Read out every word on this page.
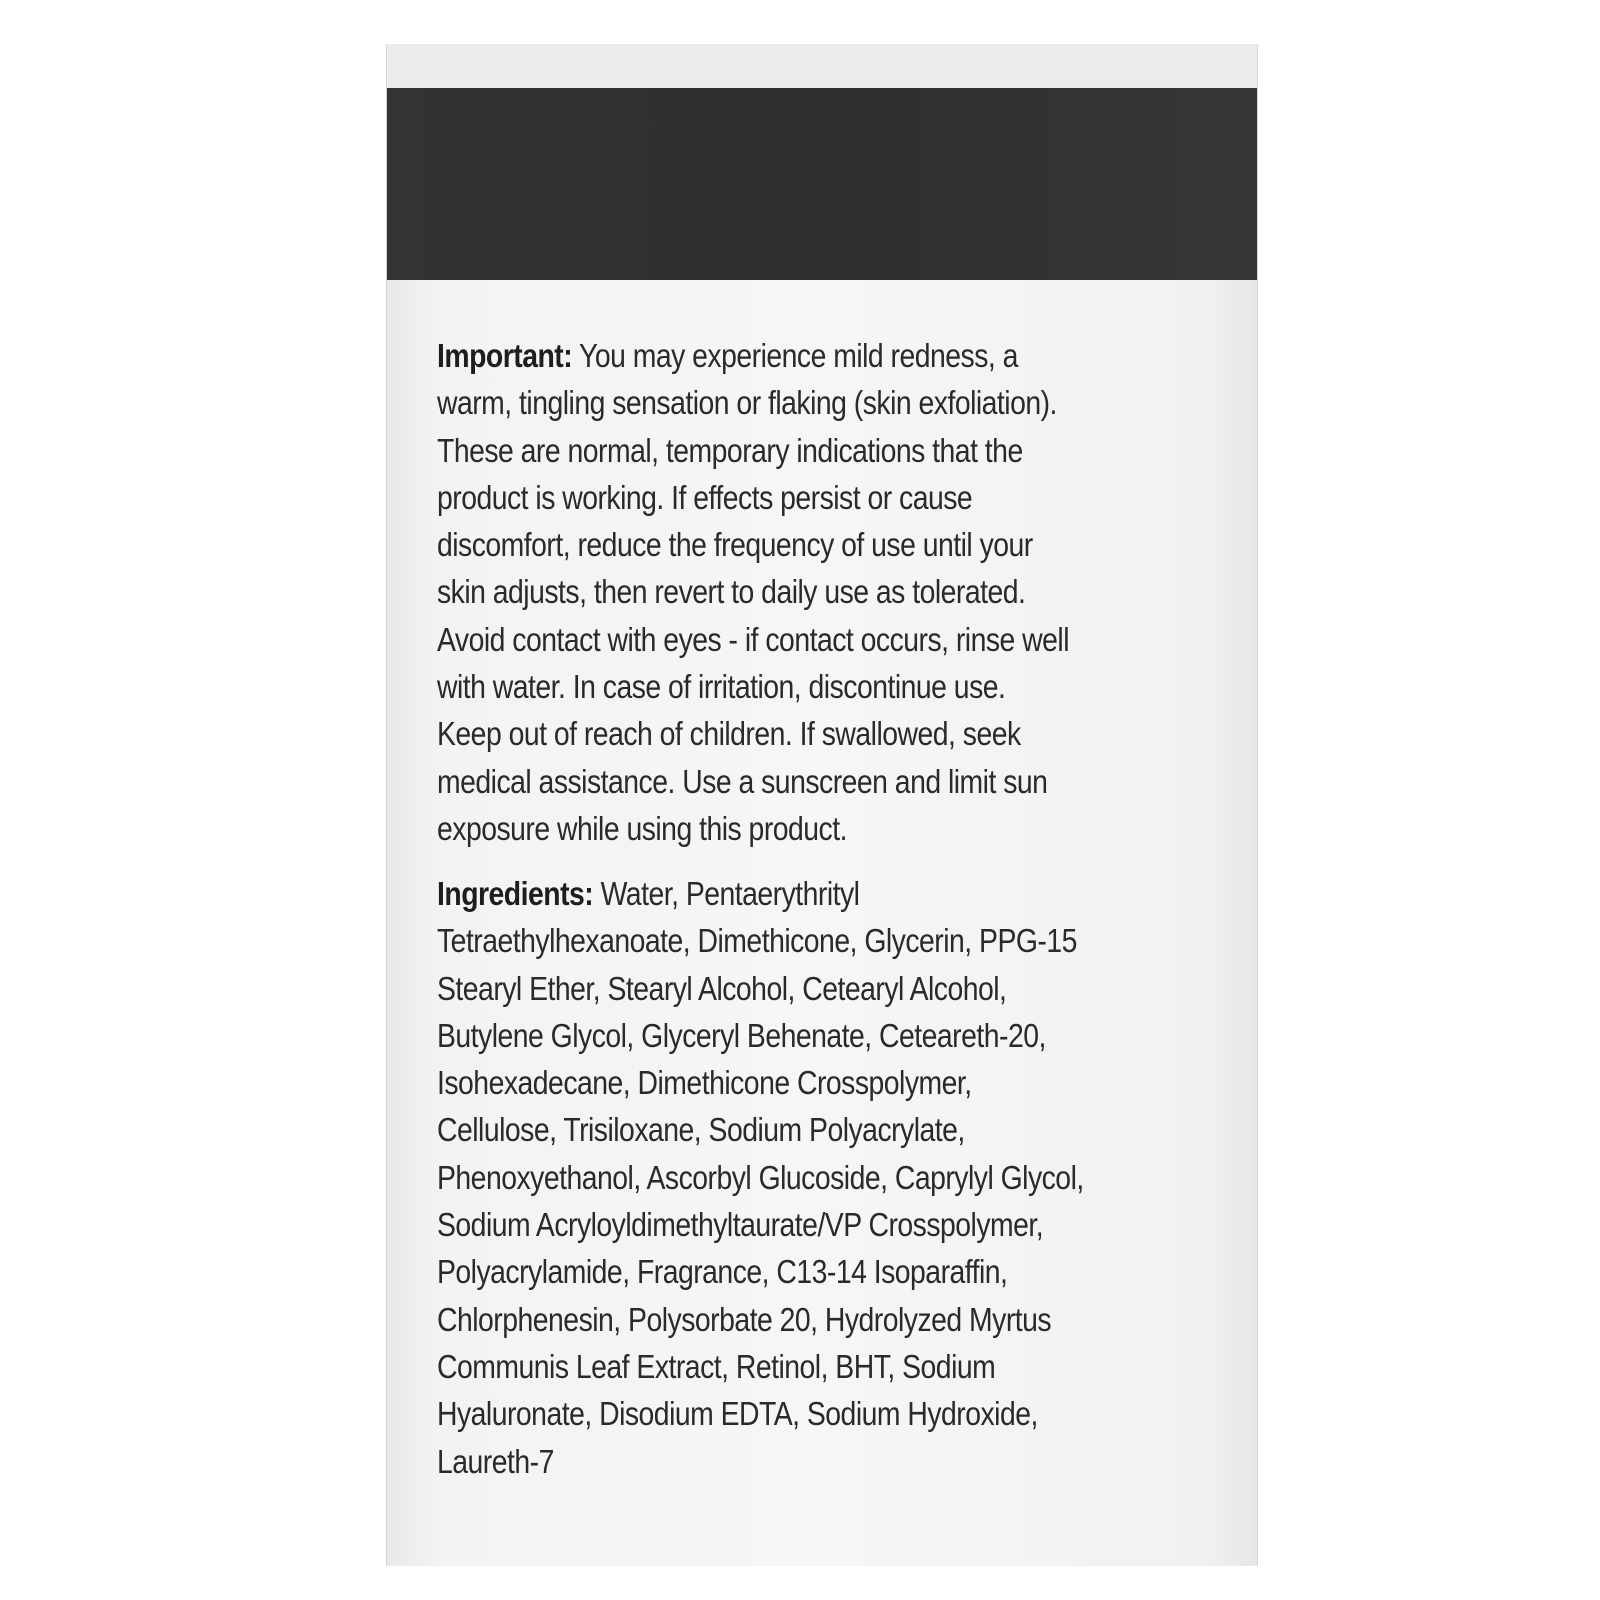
Important: You may experience mild redness, a
warm, tingling sensation or flaking (skin exfoliation).
These are normal, temporary indications that the
product is working. If effects persist or cause
discomfort, reduce the frequency of use until your
skin adjusts, then revert to daily use as tolerated.
Avoid contact with eyes - if contact occurs, rinse well
with water. In case of irritation, discontinue use.
Keep out of reach of children. If swallowed, seek
medical assistance. Use a sunscreen and limit sun
exposure while using this product.
Ingredients: Water, Pentaerythrityl
Tetraethylhexanoate, Dimethicone, Glycerin, PPG-15
Stearyl Ether, Stearyl Alcohol, Cetearyl Alcohol,
Butylene Glycol, Glyceryl Behenate, Ceteareth-20,
Isohexadecane, Dimethicone Crosspolymer,
Cellulose, Trisiloxane, Sodium Polyacrylate,
Phenoxyethanol, Ascorbyl Glucoside, Caprylyl Glycol,
Sodium Acryloyldimethyltaurate/VP Crosspolymer,
Polyacrylamide, Fragrance, C13-14 Isoparaffin,
Chlorphenesin, Polysorbate 20, Hydrolyzed Myrtus
Communis Leaf Extract, Retinol, BHT, Sodium
Hyaluronate, Disodium EDTA, Sodium Hydroxide,
Laureth-7
